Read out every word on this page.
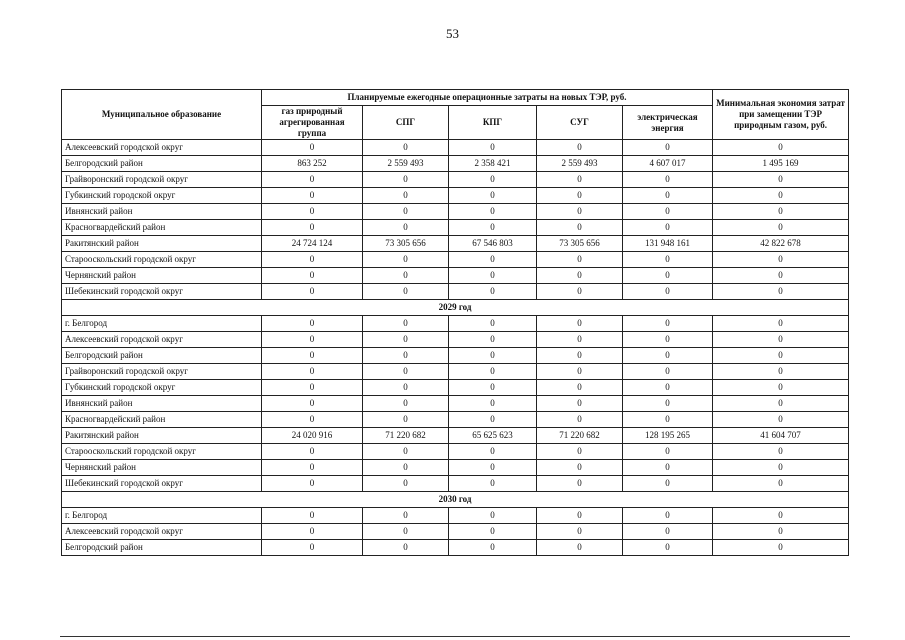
53
Муниципальное образование	Планируемые ежегодные операционные затраты на новых ТЭР, руб.					Минимальная экономия затрат при замещении ТЭР природным газом, руб.
	газ природный агрегированная группа	СПГ	КПГ	СУГ	электрическая энергия	
Алексеевский городской округ	0	0	0	0	0	0
Белгородский район	863 252	2 559 493	2 358 421	2 559 493	4 607 017	1 495 169
Грайворонский городской округ	0	0	0	0	0	0
Губкинский городской округ	0	0	0	0	0	0
Ивнянский район	0	0	0	0	0	0
Красногвардейский район	0	0	0	0	0	0
Ракитянский район	24 724 124	73 305 656	67 546 803	73 305 656	131 948 161	42 822 678
Старооскольский городской округ	0	0	0	0	0	0
Чернянский район	0	0	0	0	0	0
Шебекинский городской округ	0	0	0	0	0	0
2029 год						
г. Белгород	0	0	0	0	0	0
Алексеевский городской округ	0	0	0	0	0	0
Белгородский район	0	0	0	0	0	0
Грайворонский городской округ	0	0	0	0	0	0
Губкинский городской округ	0	0	0	0	0	0
Ивнянский район	0	0	0	0	0	0
Красногвардейский район	0	0	0	0	0	0
Ракитянский район	24 020 916	71 220 682	65 625 623	71 220 682	128 195 265	41 604 707
Старооскольский городской округ	0	0	0	0	0	0
Чернянский район	0	0	0	0	0	0
Шебекинский городской округ	0	0	0	0	0	0
2030 год						
г. Белгород	0	0	0	0	0	0
Алексеевский городской округ	0	0	0	0	0	0
Белгородский район	0	0	0	0	0	0
